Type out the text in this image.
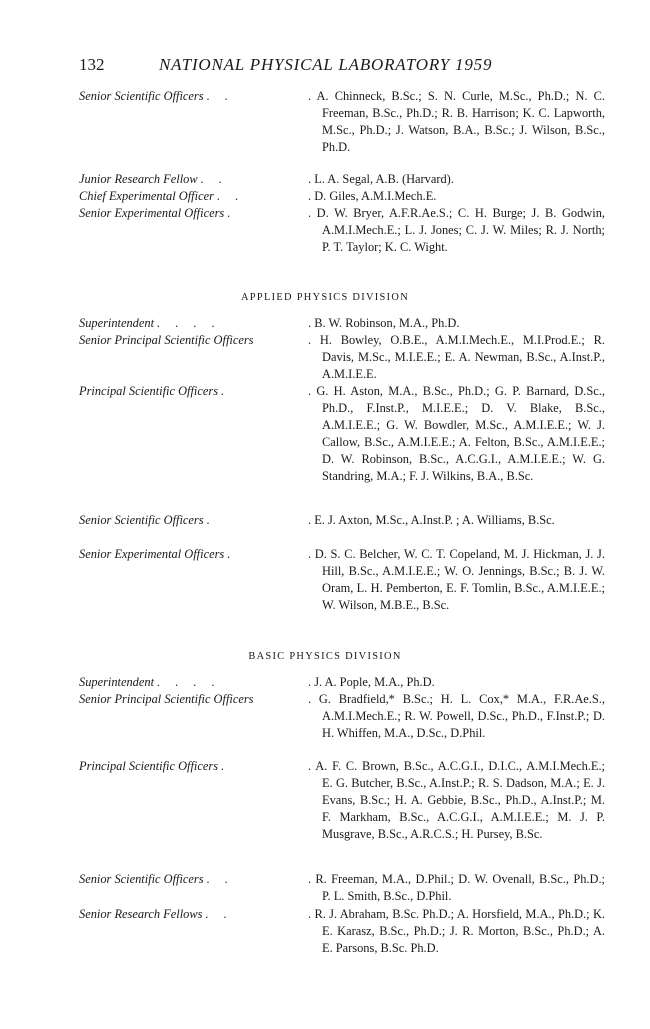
132	NATIONAL PHYSICAL LABORATORY 1959
Senior Scientific Officers . .	. A. Chinneck, B.Sc.; S. N. Curle, M.Sc., Ph.D.; N. C. Freeman, B.Sc., Ph.D.; R. B. Harrison; K. C. Lapworth, M.Sc., Ph.D.; J. Watson, B.A., B.Sc.; J. Wilson, B.Sc., Ph.D.
Junior Research Fellow . .	. L. A. Segal, A.B. (Harvard).
Chief Experimental Officer . .	. D. Giles, A.M.I.Mech.E.
Senior Experimental Officers .	. D. W. Bryer, A.F.R.Ae.S.; C. H. Burge; J. B. Godwin, A.M.I.Mech.E.; L. J. Jones; C. J. W. Miles; R. J. North; P. T. Taylor; K. C. Wight.
APPLIED PHYSICS DIVISION
Superintendent . . . .	. B. W. Robinson, M.A., Ph.D.
Senior Principal Scientific Officers	. H. Bowley, O.B.E., A.M.I.Mech.E., M.I.Prod.E.; R. Davis, M.Sc., M.I.E.E.; E. A. Newman, B.Sc., A.Inst.P., A.M.I.E.E.
Principal Scientific Officers .	. G. H. Aston, M.A., B.Sc., Ph.D.; G. P. Barnard, D.Sc., Ph.D., F.Inst.P., M.I.E.E.; D. V. Blake, B.Sc., A.M.I.E.E.; G. W. Bowdler, M.Sc., A.M.I.E.E.; W. J. Callow, B.Sc., A.M.I.E.E.; A. Felton, B.Sc., A.M.I.E.E.; D. W. Robinson, B.Sc., A.C.G.I., A.M.I.E.E.; W. G. Standring, M.A.; F. J. Wilkins, B.A., B.Sc.
Senior Scientific Officers .	. E. J. Axton, M.Sc., A.Inst.P. ; A. Williams, B.Sc.
Senior Experimental Officers .	. D. S. C. Belcher, W. C. T. Copeland, M. J. Hickman, J. J. Hill, B.Sc., A.M.I.E.E.; W. O. Jennings, B.Sc.; B. J. W. Oram, L. H. Pemberton, E. F. Tomlin, B.Sc., A.M.I.E.E.; W. Wilson, M.B.E., B.Sc.
BASIC PHYSICS DIVISION
Superintendent . . . .	. J. A. Pople, M.A., Ph.D.
Senior Principal Scientific Officers	. G. Bradfield,* B.Sc.; H. L. Cox,* M.A., F.R.Ae.S., A.M.I.Mech.E.; R. W. Powell, D.Sc., Ph.D., F.Inst.P.; D. H. Whiffen, M.A., D.Sc., D.Phil.
Principal Scientific Officers .	. A. F. C. Brown, B.Sc., A.C.G.I., D.I.C., A.M.I.Mech.E.; E. G. Butcher, B.Sc., A.Inst.P.; R. S. Dadson, M.A.; E. J. Evans, B.Sc.; H. A. Gebbie, B.Sc., Ph.D., A.Inst.P.; M. F. Markham, B.Sc., A.C.G.I., A.M.I.E.E.; M. J. P. Musgrave, B.Sc., A.R.C.S.; H. Pursey, B.Sc.
Senior Scientific Officers . .	. R. Freeman, M.A., D.Phil.; D. W. Ovenall, B.Sc., Ph.D.; P. L. Smith, B.Sc., D.Phil.
Senior Research Fellows . .	. R. J. Abraham, B.Sc. Ph.D.; A. Horsfield, M.A., Ph.D.; K. E. Karasz, B.Sc., Ph.D.; J. R. Morton, B.Sc., Ph.D.; A. E. Parsons, B.Sc. Ph.D.
